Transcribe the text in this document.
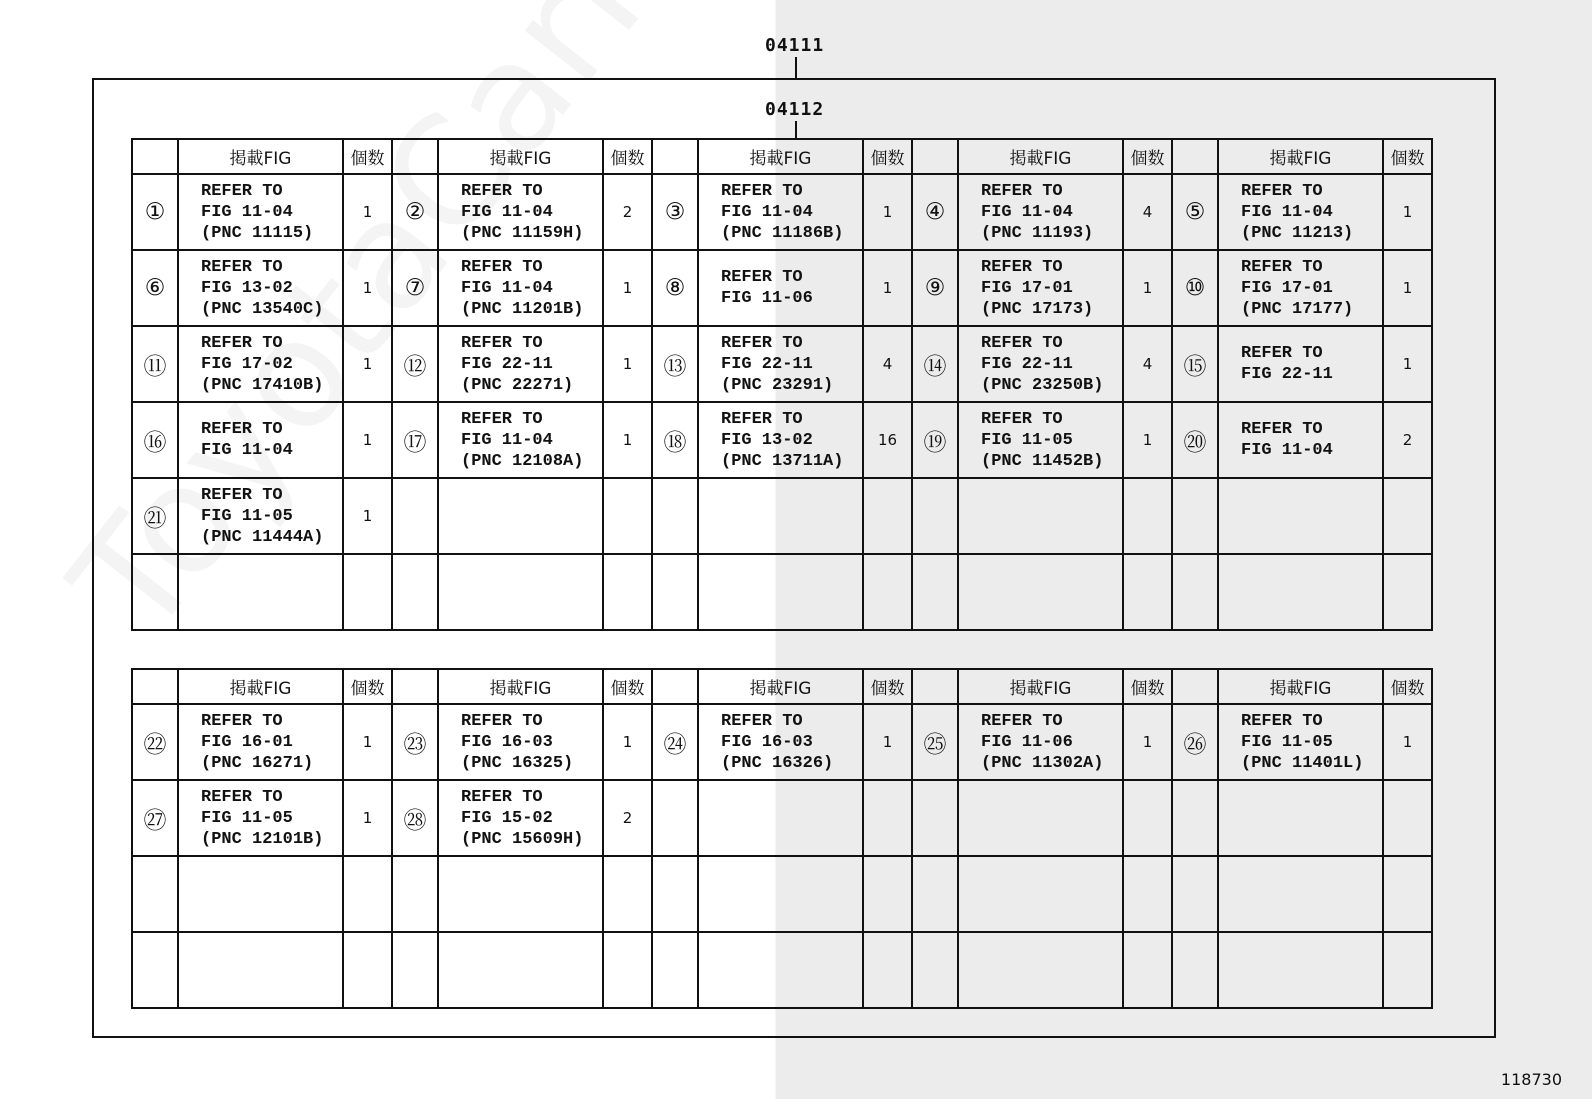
04111
04112
	掲載FIG	個数		掲載FIG	個数		掲載FIG	個数		掲載FIG	個数		掲載FIG	個数
①	REFER TO
FIG 11-04
(PNC 11115)	1	②	REFER TO
FIG 11-04
(PNC 11159H)	2	③	REFER TO
FIG 11-04
(PNC 11186B)	1	④	REFER TO
FIG 11-04
(PNC 11193)	4	⑤	REFER TO
FIG 11-04
(PNC 11213)	1
⑥	REFER TO
FIG 13-02
(PNC 13540C)	1	⑦	REFER TO
FIG 11-04
(PNC 11201B)	1	⑧	REFER TO
FIG 11-06	1	⑨	REFER TO
FIG 17-01
(PNC 17173)	1	⑩	REFER TO
FIG 17-01
(PNC 17177)	1
⑪	REFER TO
FIG 17-02
(PNC 17410B)	1	⑫	REFER TO
FIG 22-11
(PNC 22271)	1	⑬	REFER TO
FIG 22-11
(PNC 23291)	4	⑭	REFER TO
FIG 22-11
(PNC 23250B)	4	⑮	REFER TO
FIG 22-11	1
⑯	REFER TO
FIG 11-04	1	⑰	REFER TO
FIG 11-04
(PNC 12108A)	1	⑱	REFER TO
FIG 13-02
(PNC 13711A)	16	⑲	REFER TO
FIG 11-05
(PNC 11452B)	1	⑳	REFER TO
FIG 11-04	2
㉑	REFER TO
FIG 11-05
(PNC 11444A)	1												

	掲載FIG	個数		掲載FIG	個数		掲載FIG	個数		掲載FIG	個数		掲載FIG	個数
㉒	REFER TO
FIG 16-01
(PNC 16271)	1	㉓	REFER TO
FIG 16-03
(PNC 16325)	1	㉔	REFER TO
FIG 16-03
(PNC 16326)	1	㉕	REFER TO
FIG 11-06
(PNC 11302A)	1	㉖	REFER TO
FIG 11-05
(PNC 11401L)	1
㉗	REFER TO
FIG 11-05
(PNC 12101B)	1	㉘	REFER TO
FIG 15-02
(PNC 15609H)	2									

118730
